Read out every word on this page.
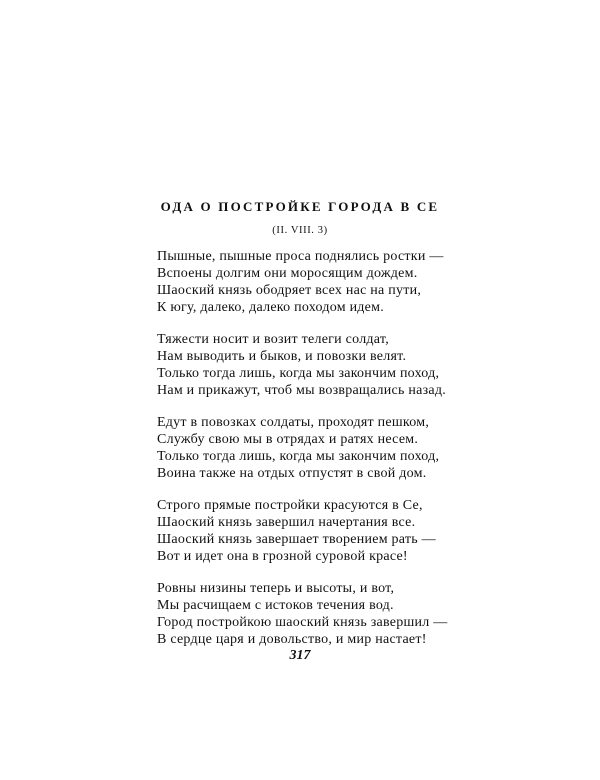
ОДА О ПОСТРОЙКЕ ГОРОДА В СЕ
(II. VIII. 3)
Пышные, пышные проса поднялись ростки —
Вспоены долгим они моросящим дождем.
Шаоский князь ободряет всех нас на пути,
К югу, далеко, далеко походом идем.
Тяжести носит и возит телеги солдат,
Нам выводить и быков, и повозки велят.
Только тогда лишь, когда мы закончим поход,
Нам и прикажут, чтоб мы возвращались назад.
Едут в повозках солдаты, проходят пешком,
Службу свою мы в отрядах и ратях несем.
Только тогда лишь, когда мы закончим поход,
Воина также на отдых отпустят в свой дом.
Строго прямые постройки красуются в Се,
Шаоский князь завершил начертания все.
Шаоский князь завершает творением рать —
Вот и идет она в грозной суровой красе!
Ровны низины теперь и высоты, и вот,
Мы расчищаем с истоков течения вод.
Город постройкою шаоский князь завершил —
В сердце царя и довольство, и мир настает!
317
